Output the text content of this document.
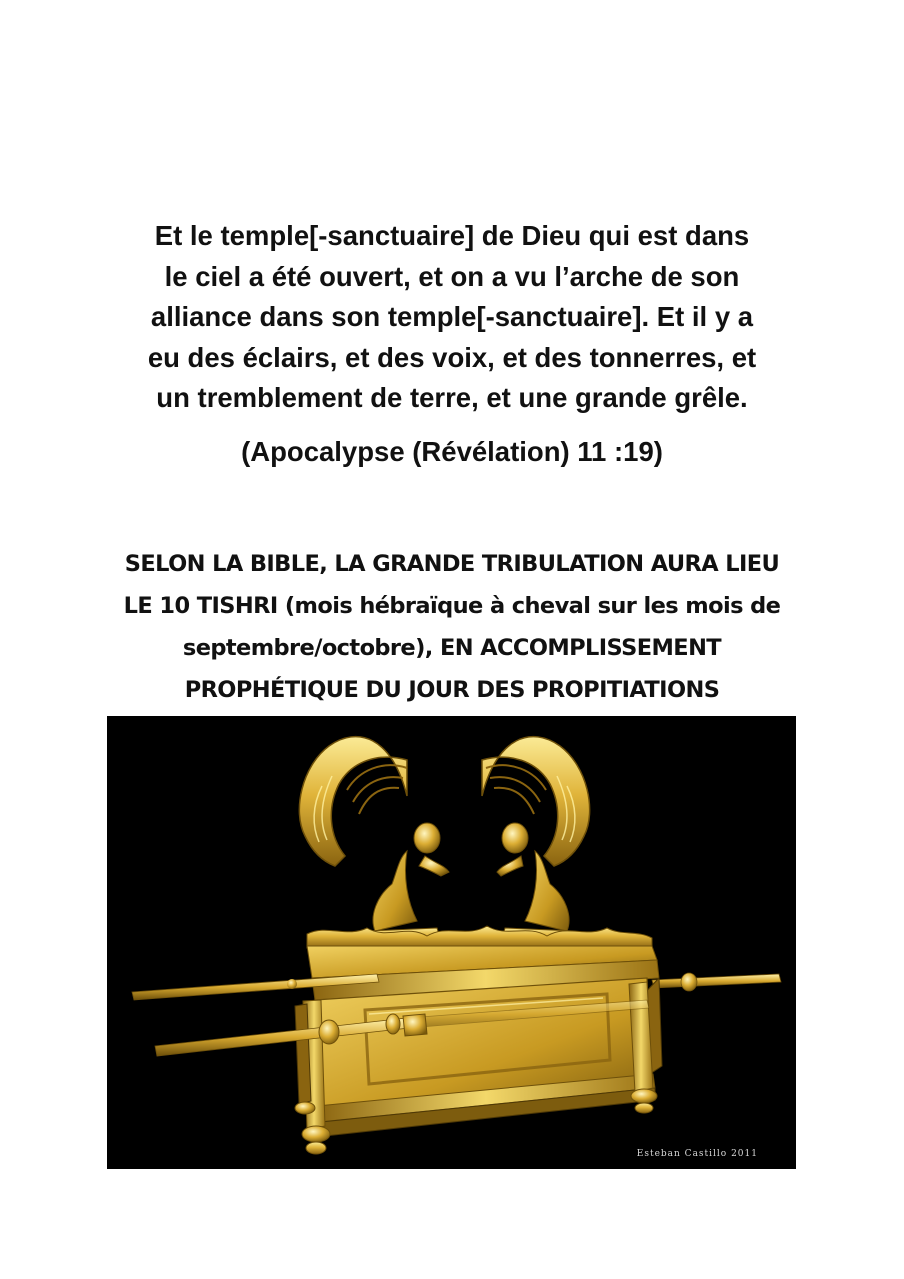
Et le temple[-sanctuaire] de Dieu qui est dans
le ciel a été ouvert, et on a vu l’arche de son
alliance dans son temple[-sanctuaire]. Et il y a
eu des éclairs, et des voix, et des tonnerres, et
un tremblement de terre, et une grande grêle.
(Apocalypse (Révélation) 11 :19)
SELON LA BIBLE, LA GRANDE TRIBULATION AURA LIEU
LE 10 TISHRI (mois hébraïque à cheval sur les mois de
septembre/octobre), EN ACCOMPLISSEMENT
PROPHÉTIQUE DU JOUR DES PROPITIATIONS
Esteban Castillo 2011
